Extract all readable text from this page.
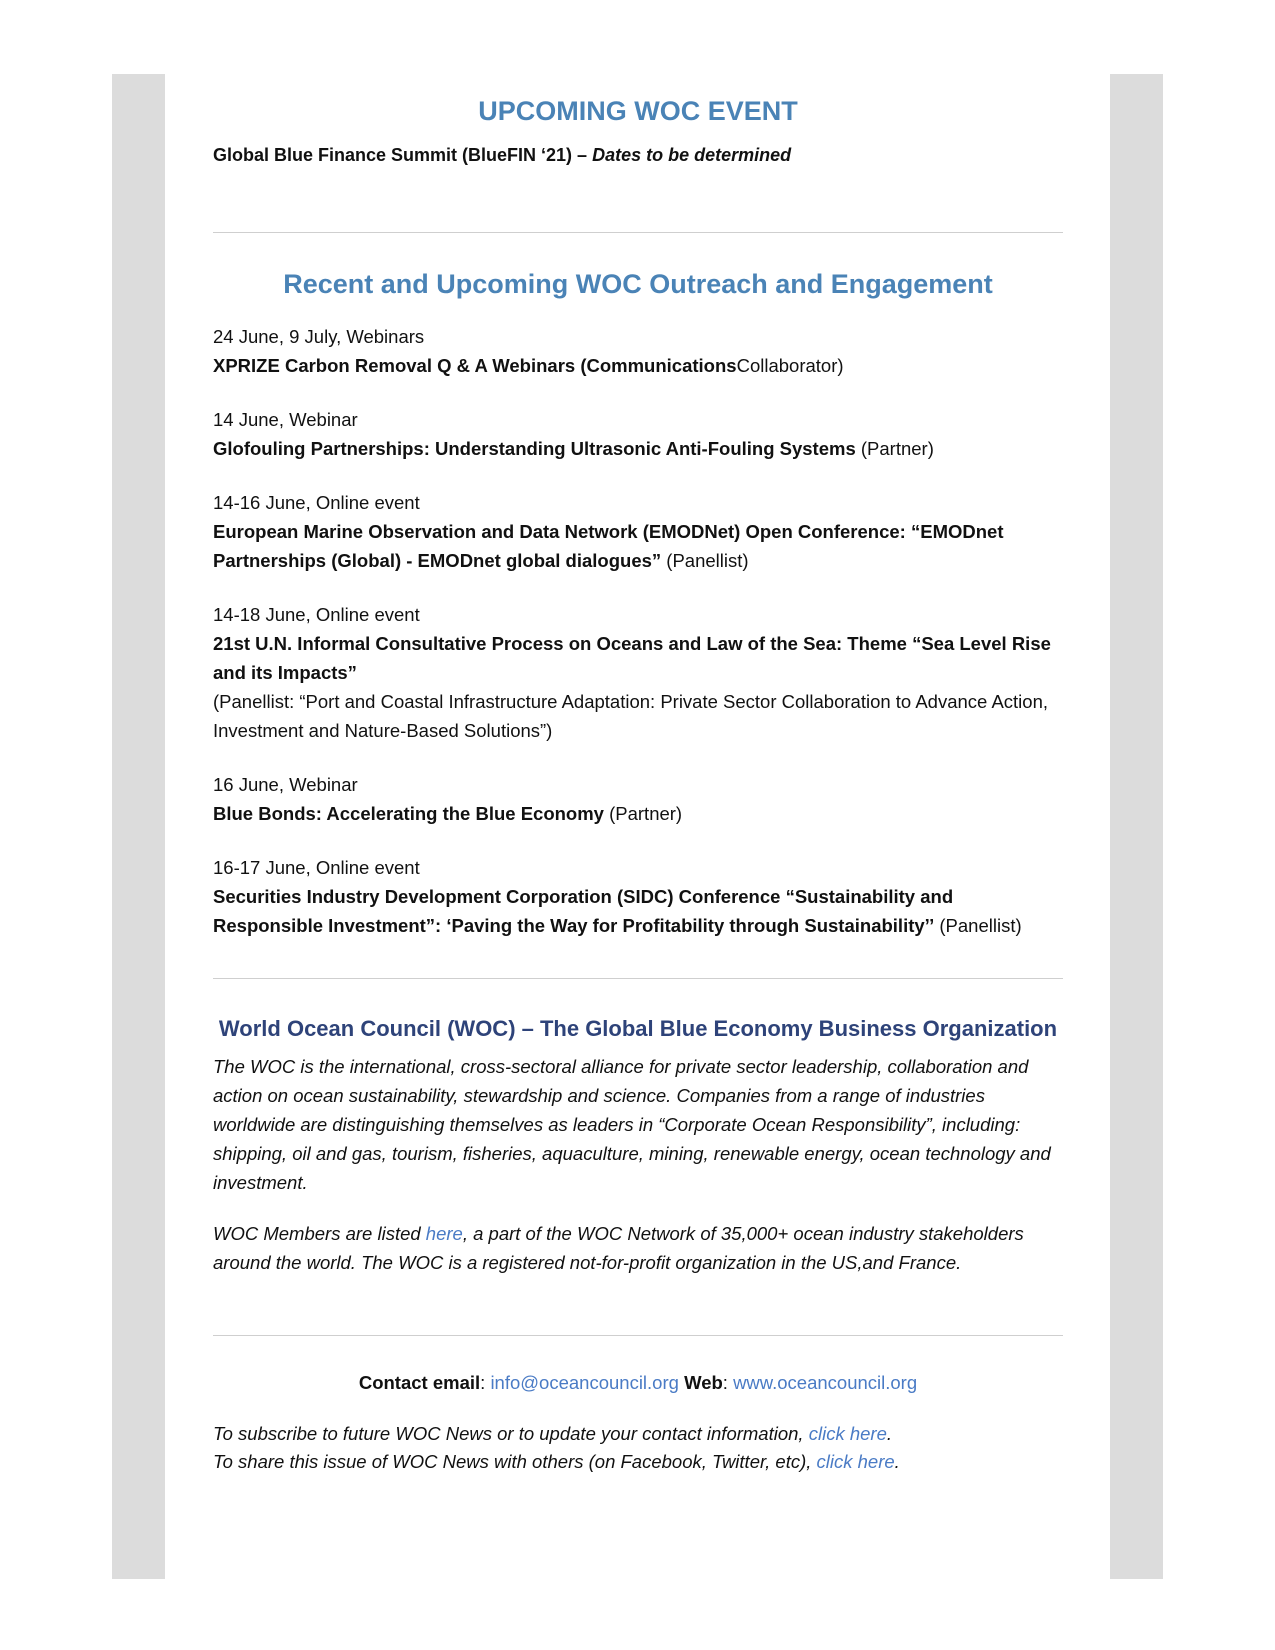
UPCOMING WOC EVENT
Global Blue Finance Summit (BlueFIN ‘21) – Dates to be determined
Recent and Upcoming WOC Outreach and Engagement
24 June, 9 July, Webinars
XPRIZE Carbon Removal Q & A Webinars (CommunicationsCollaborator)
14 June, Webinar
Glofouling Partnerships: Understanding Ultrasonic Anti-Fouling Systems (Partner)
14-16 June, Online event
European Marine Observation and Data Network (EMODNet) Open Conference: “EMODnet Partnerships (Global) - EMODnet global dialogues” (Panellist)
14-18 June, Online event
21st U.N. Informal Consultative Process on Oceans and Law of the Sea: Theme “Sea Level Rise and its Impacts”
(Panellist: “Port and Coastal Infrastructure Adaptation: Private Sector Collaboration to Advance Action, Investment and Nature-Based Solutions”)
16 June, Webinar
Blue Bonds: Accelerating the Blue Economy (Partner)
16-17 June, Online event
Securities Industry Development Corporation (SIDC) Conference “Sustainability and Responsible Investment”: ‘Paving the Way for Profitability through Sustainability’’ (Panellist)
World Ocean Council (WOC) – The Global Blue Economy Business Organization

The WOC is the international, cross-sectoral alliance for private sector leadership, collaboration and action on ocean sustainability, stewardship and science. Companies from a range of industries worldwide are distinguishing themselves as leaders in “Corporate Ocean Responsibility”, including: shipping, oil and gas, tourism, fisheries, aquaculture, mining, renewable energy, ocean technology and investment.

WOC Members are listed here, a part of the WOC Network of 35,000+ ocean industry stakeholders around the world. The WOC is a registered not-for-profit organization in the US,and France.

Contact email: info@oceancouncil.org Web: www.oceancouncil.org
To subscribe to future WOC News or to update your contact information, click here.
To share this issue of WOC News with others (on Facebook, Twitter, etc), click here.
